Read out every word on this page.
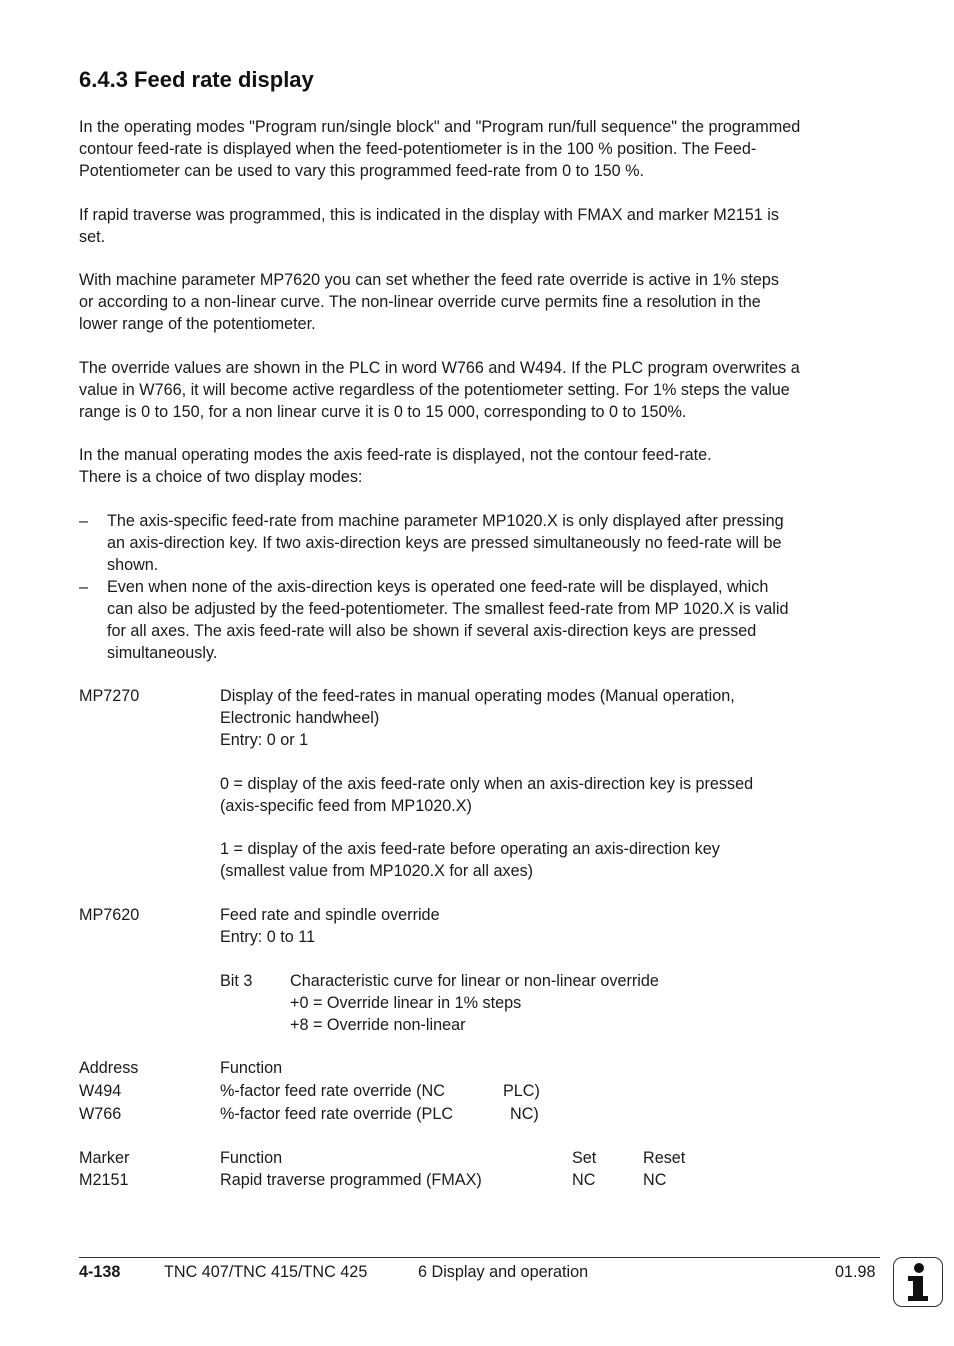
6.4.3 Feed rate display
In the operating modes "Program run/single block" and "Program run/full sequence" the programmed
contour feed-rate is displayed when the feed-potentiometer is in the 100 % position. The Feed-
Potentiometer can be used to vary this programmed feed-rate from 0 to 150 %.
If rapid traverse was programmed, this is indicated in the display with FMAX and marker M2151 is
set.
With machine parameter MP7620 you can set whether the feed rate override is active in 1% steps
or according to a non-linear curve. The non-linear override curve permits fine a resolution in the
lower range of the potentiometer.
The override values are shown in the PLC in word W766 and W494. If the PLC program overwrites a
value in W766, it will become active regardless of the potentiometer setting. For 1% steps the value
range is 0 to 150, for a non linear curve it is 0 to 15 000, corresponding to 0 to 150%.
In the manual operating modes the axis feed-rate is displayed, not the contour feed-rate.
There is a choice of two display modes:
–	The axis-specific feed-rate from machine parameter MP1020.X is only displayed after pressing
an axis-direction key. If two axis-direction keys are pressed simultaneously no feed-rate will be
shown.
–	Even when none of the axis-direction keys is operated one feed-rate will be displayed, which
can also be adjusted by the feed-potentiometer. The smallest feed-rate from MP 1020.X is valid
for all axes. The axis feed-rate will also be shown if several axis-direction keys are pressed
simultaneously.
MP7270	Display of the feed-rates in manual operating modes (Manual operation,
Electronic handwheel)
Entry: 0 or 1
0 = display of the axis feed-rate only when an axis-direction key is pressed
(axis-specific feed from MP1020.X)
1 = display of the axis feed-rate before operating an axis-direction key
(smallest value from MP1020.X for all axes)
MP7620	Feed rate and spindle override
Entry: 0 to 11
Bit 3 Characteristic curve for linear or non-linear override
+0 = Override linear in 1% steps
+8 = Override non-linear
Address	Function
W494	%-factor feed rate override (NC	PLC)
W766	%-factor feed rate override (PLC	NC)
Marker	Function	Set	Reset
M2151	Rapid traverse programmed (FMAX)	NC	NC
4-138	TNC 407/TNC 415/TNC 425	6 Display and operation	01.98
